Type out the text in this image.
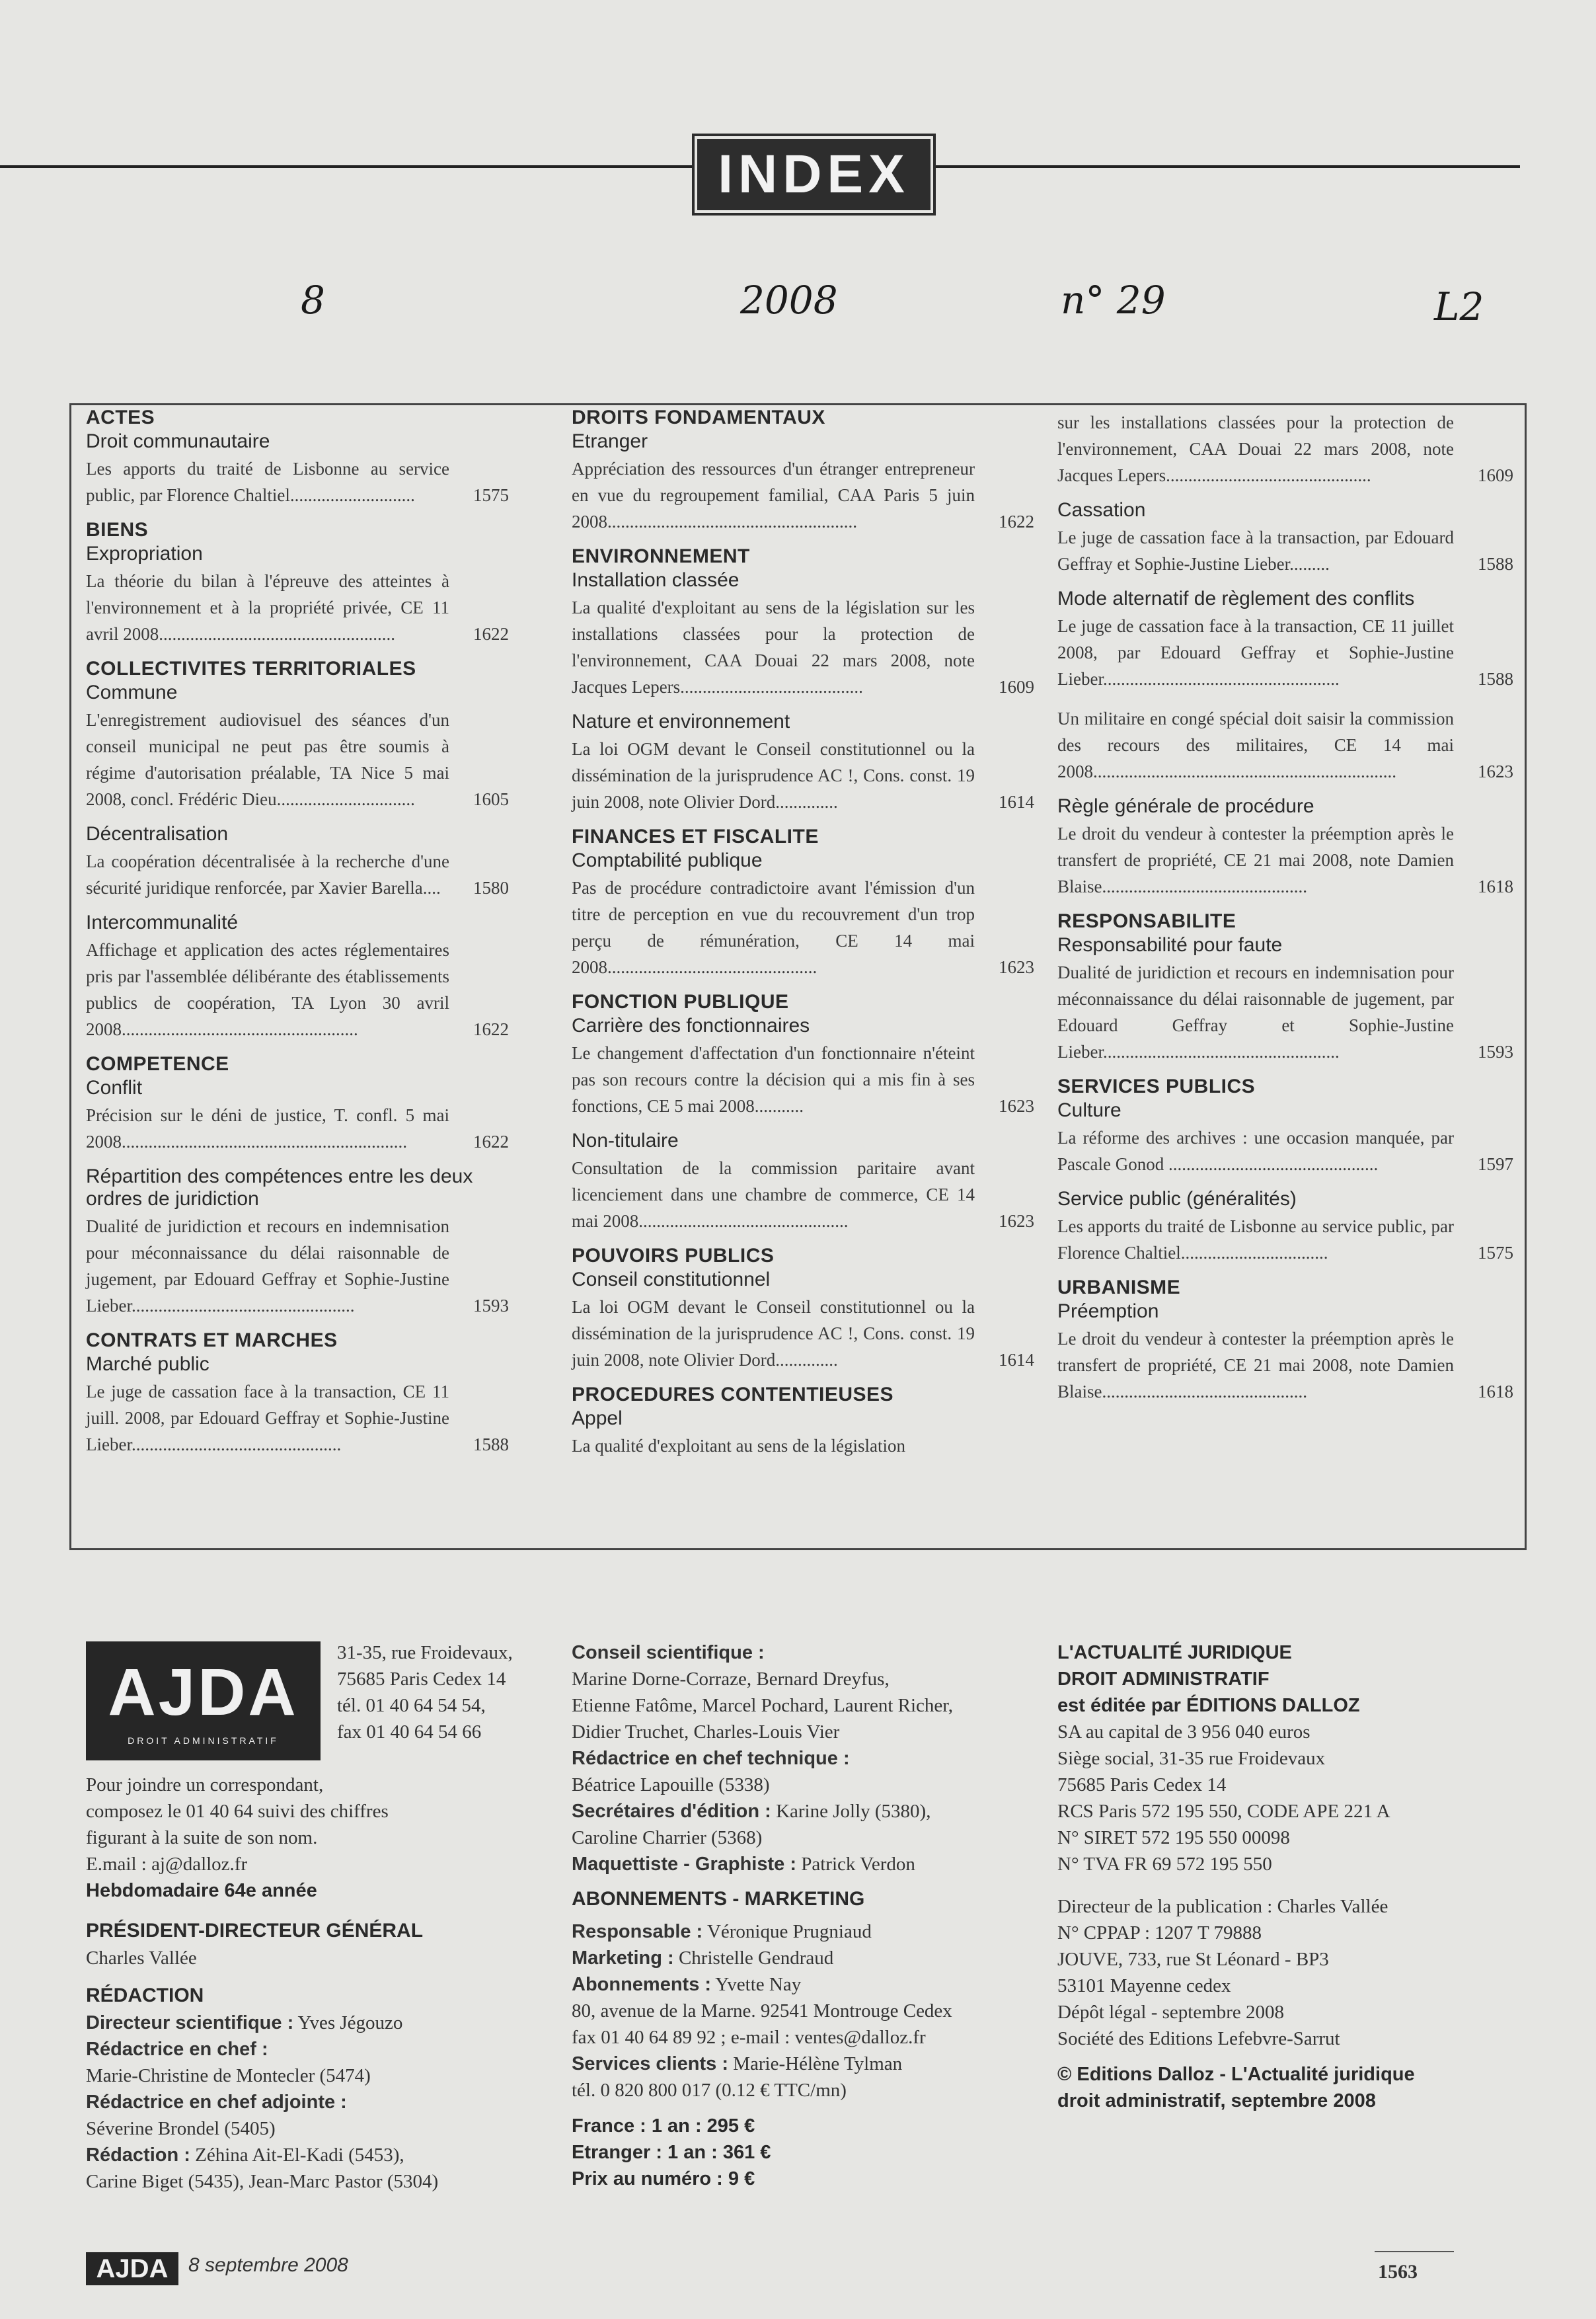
INDEX
8	2008	n° 29	L2
ACTES
Droit communautaire
Les apports du traité de Lisbonne au service public, par Florence Chaltiel............................	1575
BIENS
Expropriation
La théorie du bilan à l'épreuve des atteintes à l'environnement et à la propriété privée, CE 11 avril 2008.....................................................	1622
COLLECTIVITES TERRITORIALES
Commune
L'enregistrement audiovisuel des séances d'un conseil municipal ne peut pas être soumis à régime d'autorisation préalable, TA Nice 5 mai 2008, concl. Frédéric Dieu...............................	1605
Décentralisation
La coopération décentralisée à la recherche d'une sécurité juridique renforcée, par Xavier Barella.... 1580
Intercommunalité
Affichage et application des actes réglementaires pris par l'assemblée délibérante des établissements publics de coopération, TA Lyon 30 avril 2008.....................................................	1622
COMPETENCE
Conflit
Précision sur le déni de justice, T. confl. 5 mai 2008................................................................	1622
Répartition des compétences entre les deux ordres de juridiction
Dualité de juridiction et recours en indemnisation pour méconnaissance du délai raisonnable de jugement, par Edouard Geffray et Sophie-Justine Lieber..................................................	1593
CONTRATS ET MARCHES
Marché public
Le juge de cassation face à la transaction, CE 11 juill. 2008, par Edouard Geffray et Sophie-Justine Lieber...............................................	1588
DROITS FONDAMENTAUX
Etranger
Appréciation des ressources d'un étranger entrepreneur en vue du regroupement familial, CAA Paris 5 juin 2008........................................................	1622
ENVIRONNEMENT
Installation classée
La qualité d'exploitant au sens de la législation sur les installations classées pour la protection de l'environnement, CAA Douai 22 mars 2008, note Jacques Lepers.........................................	1609
Nature et environnement
La loi OGM devant le Conseil constitutionnel ou la dissémination de la jurisprudence AC !, Cons. const. 19 juin 2008, note Olivier Dord..............	1614
FINANCES ET FISCALITE
Comptabilité publique
Pas de procédure contradictoire avant l'émission d'un titre de perception en vue du recouvrement d'un trop perçu de rémunération, CE 14 mai 2008...............................................	1623
FONCTION PUBLIQUE
Carrière des fonctionnaires
Le changement d'affectation d'un fonctionnaire n'éteint pas son recours contre la décision qui a mis fin à ses fonctions, CE 5 mai 2008...........	1623
Non-titulaire
Consultation de la commission paritaire avant licenciement dans une chambre de commerce, CE 14 mai 2008...............................................	1623
POUVOIRS PUBLICS
Conseil constitutionnel
La loi OGM devant le Conseil constitutionnel ou la dissémination de la jurisprudence AC !, Cons. const. 19 juin 2008, note Olivier Dord..............	1614
PROCEDURES CONTENTIEUSES
Appel
La qualité d'exploitant au sens de la législation
sur les installations classées pour la protection de l'environnement, CAA Douai 22 mars 2008, note Jacques Lepers..............................................	1609
Cassation
Le juge de cassation face à la transaction, par Edouard Geffray et Sophie-Justine Lieber.........	1588
Mode alternatif de règlement des conflits
Le juge de cassation face à la transaction, CE 11 juillet 2008, par Edouard Geffray et Sophie-Justine Lieber.....................................................	1588
Un militaire en congé spécial doit saisir la commission des recours des militaires, CE 14 mai 2008....................................................................	1623
Règle générale de procédure
Le droit du vendeur à contester la préemption après le transfert de propriété, CE 21 mai 2008, note Damien Blaise..............................................	1618
RESPONSABILITE
Responsabilité pour faute
Dualité de juridiction et recours en indemnisation pour méconnaissance du délai raisonnable de jugement, par Edouard Geffray et Sophie-Justine Lieber.....................................................	1593
SERVICES PUBLICS
Culture
La réforme des archives : une occasion manquée, par Pascale Gonod ...............................................	1597
Service public (généralités)
Les apports du traité de Lisbonne au service public, par Florence Chaltiel.................................	1575
URBANISME
Préemption
Le droit du vendeur à contester la préemption après le transfert de propriété, CE 21 mai 2008, note Damien Blaise..............................................	1618
AJDA
DROIT ADMINISTRATIF
31-35, rue Froidevaux,
75685 Paris Cedex 14
tél. 01 40 64 54 54,
fax 01 40 64 54 66
Pour joindre un correspondant,
composez le 01 40 64 suivi des chiffres
figurant à la suite de son nom.
E.mail : aj@dalloz.fr
Hebdomadaire 64e année
PRÉSIDENT-DIRECTEUR GÉNÉRAL
Charles Vallée
RÉDACTION
Directeur scientifique : Yves Jégouzo
Rédactrice en chef :
Marie-Christine de Montecler (5474)
Rédactrice en chef adjointe :
Séverine Brondel (5405)
Rédaction : Zéhina Ait-El-Kadi (5453),
Carine Biget (5435), Jean-Marc Pastor (5304)
Conseil scientifique :
Marine Dorne-Corraze, Bernard Dreyfus,
Etienne Fatôme, Marcel Pochard, Laurent Richer,
Didier Truchet, Charles-Louis Vier
Rédactrice en chef technique :
Béatrice Lapouille (5338)
Secrétaires d'édition : Karine Jolly (5380),
Caroline Charrier (5368)
Maquettiste - Graphiste : Patrick Verdon
ABONNEMENTS - MARKETING
Responsable : Véronique Prugniaud
Marketing : Christelle Gendraud
Abonnements : Yvette Nay
80, avenue de la Marne. 92541 Montrouge Cedex
fax 01 40 64 89 92 ; e-mail : ventes@dalloz.fr
Services clients : Marie-Hélène Tylman
tél. 0 820 800 017 (0.12 € TTC/mn)
France : 1 an : 295 €
Etranger : 1 an : 361 €
Prix au numéro : 9 €
L'ACTUALITÉ JURIDIQUE
DROIT ADMINISTRATIF
est éditée par ÉDITIONS DALLOZ
SA au capital de 3 956 040 euros
Siège social, 31-35 rue Froidevaux
75685 Paris Cedex 14
RCS Paris 572 195 550, CODE APE 221 A
N° SIRET 572 195 550 00098
N° TVA FR 69 572 195 550
Directeur de la publication : Charles Vallée
N° CPPAP : 1207 T 79888
JOUVE, 733, rue St Léonard - BP3
53101 Mayenne cedex
Dépôt légal - septembre 2008
Société des Editions Lefebvre-Sarrut
© Editions Dalloz - L'Actualité juridique
droit administratif, septembre 2008
AJDA	8 septembre 2008	1563
